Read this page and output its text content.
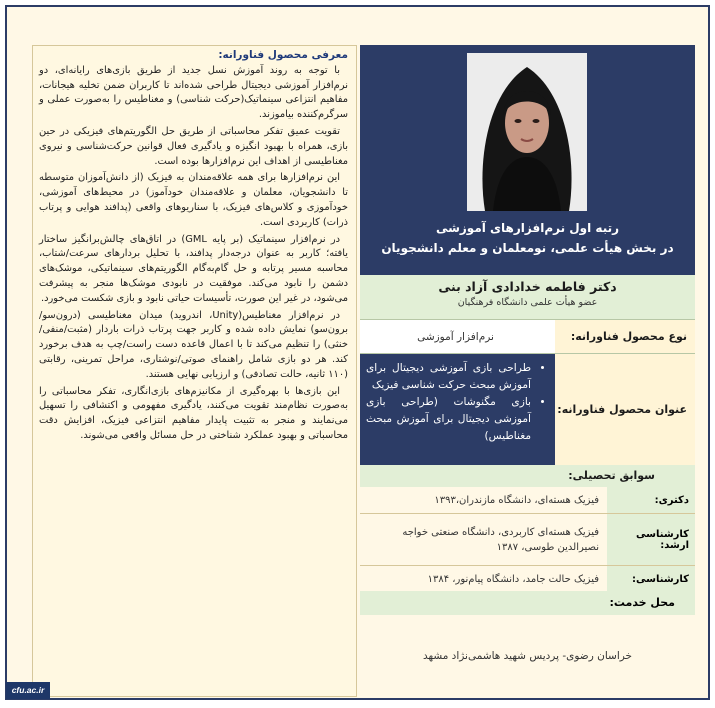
معرفی محصول فناورانه:

با توجه به روند آموزش نسل جدید از طریق بازی‌های رایانه‌ای، دو نرم‌افزار آموزشی دیجیتال طراحی شده‌اند تا کاربران ضمن تخلیه هیجانات، مفاهیم انتزاعی سینماتیک(حرکت شناسی) و مغناطیس را به‌صورت عملی و سرگرم‌کننده بیاموزند.

تقویت عمیق تفکر محاسباتی از طریق حل الگوریتم‌های فیزیکی در حین بازی، همراه با بهبود انگیزه و یادگیری فعال قوانین حرکت‌شناسی و نیروی مغناطیسی از اهداف این نرم‌افزارها بوده است.

این نرم‌افزارها برای همه علاقه‌مندان به فیزیک (از دانش‌آموزان متوسطه تا دانشجویان، معلمان و علاقه‌مندان خودآموز) در محیط‌های آموزشی، خودآموزی و کلاس‌های فیزیک، با سناریوهای واقعی (پدافند هوایی و پرتاب ذرات) کاربردی است.

در نرم‌افزار سینماتیک (بر پایه GML) در اتاق‌های چالش‌برانگیز ساختار یافته؛ کاربر به عنوان درجه‌دار پدافند، با تحلیل بردارهای سرعت/شتاب، محاسبه مسیر پرتابه و حل گام‌به‌گام الگوریتم‌های سینماتیکی، موشک‌های دشمن را نابود می‌کند. موفقیت در نابودی موشک‌ها منجر به پیشرفت می‌شود، در غیر این صورت، تأسیسات حیاتی نابود و بازی شکست می‌خورد.

در نرم‌افزار مغناطیس(Unity، اندروید) میدان مغناطیسی (درون‌سو/برون‌سو) نمایش داده شده و کاربر جهت پرتاب ذرات باردار (مثبت/منفی/خنثی) را تنظیم می‌کند تا با اعمال قاعده دست راست/چپ به هدف برخورد کند. هر دو بازی شامل راهنمای صوتی/نوشتاری، مراحل تمرینی، رقابتی (۱۱۰ ثانیه، حالت تصادفی) و ارزیابی نهایی هستند.

این بازی‌ها با بهره‌گیری از مکانیزم‌های بازی‌انگاری، تفکر محاسباتی را به‌صورت نظام‌مند تقویت می‌کنند، یادگیری مفهومی و اکتشافی را تسهیل می‌نمایند و منجر به تثبیت پایدار مفاهیم انتزاعی فیزیک، افزایش دقت محاسباتی و بهبود عملکرد شناختی در حل مسائل واقعی می‌شوند.

رتبه اول نرم‌افزارهای آموزشی
در بخش هیأت علمی، نومعلمان و معلم دانشجویان
دکتر فاطمه خدادادی آزاد بنی
عضو هیأت علمی دانشگاه فرهنگیان
نوع محصول فناورانه:
نرم‌افزار آموزشی
عنوان محصول فناورانه:
• طراحی بازی آموزشی دیجیتال برای آموزش مبحث حرکت شناسی فیزیک
• بازی مگنوشات (طراحی بازی آموزشی دیجیتال برای آموزش مبحث مغناطیس)
سوابق تحصیلی:
دکتری:
فیزیک هسته‌ای، دانشگاه مازندران،۱۳۹۳
کارشناسی ارشد:
فیزیک هسته‌ای کاربردی، دانشگاه صنعتی خواجه نصیرالدین طوسی، ۱۳۸۷
کارشناسی:
فیزیک حالت جامد، دانشگاه پیام‌نور، ۱۳۸۴
محل خدمت:
خراسان رضوی- پردیس شهید هاشمی‌نژاد مشهد
cfu.ac.ir
